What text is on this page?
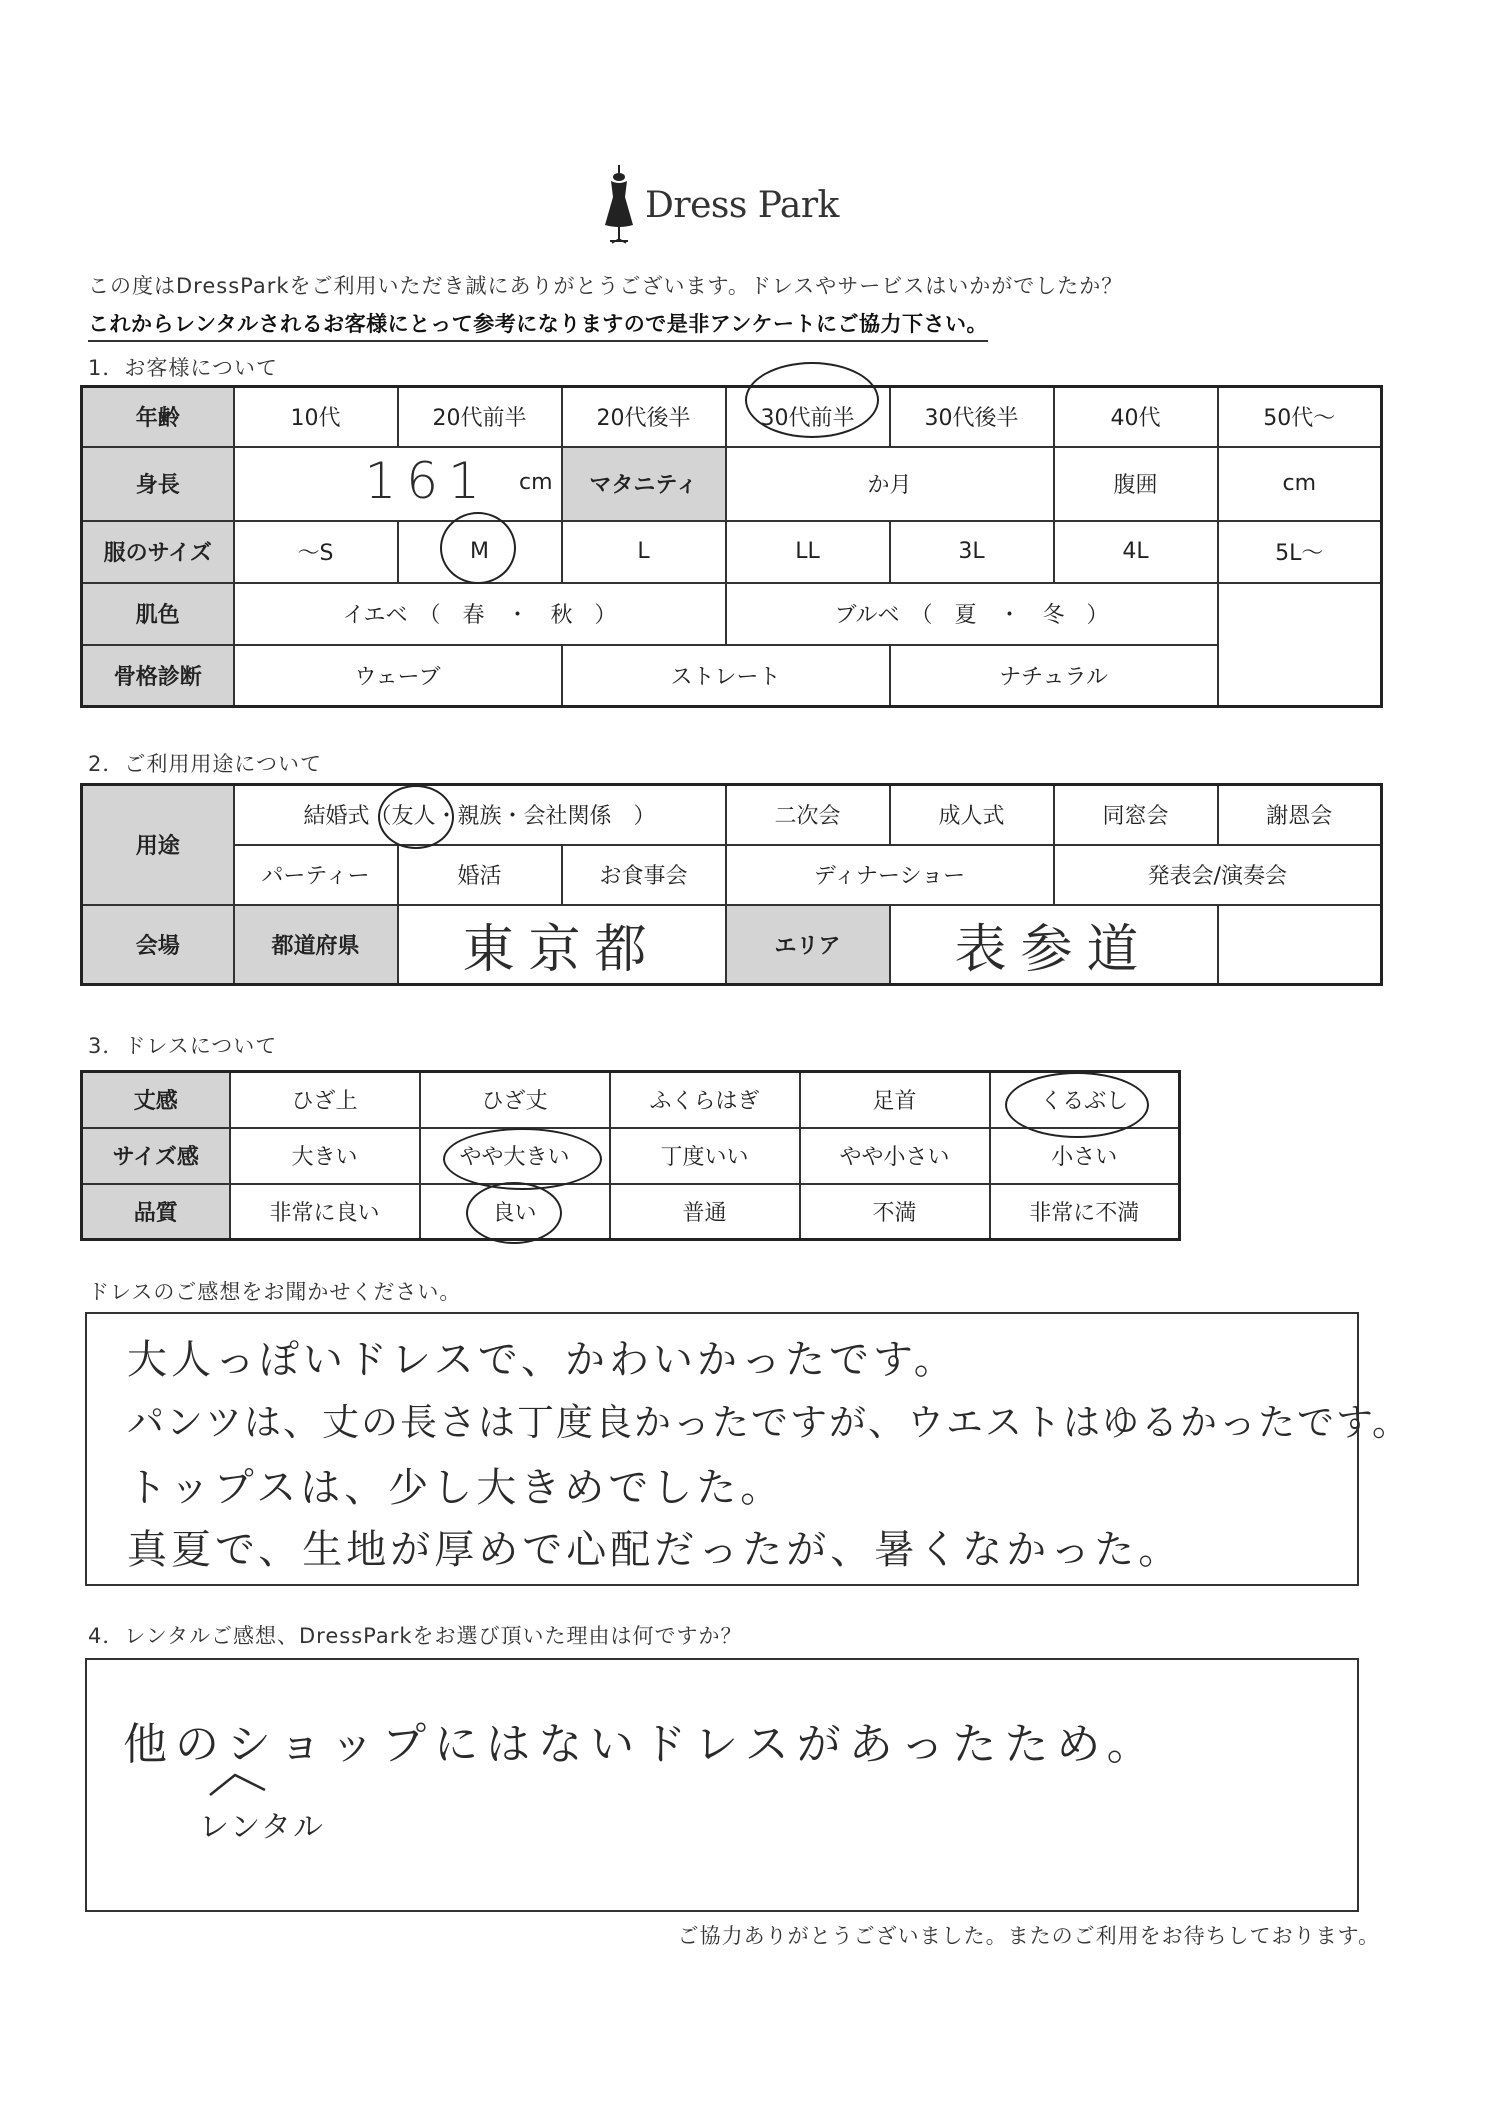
Dress Park
この度はDressParkをご利用いただき誠にありがとうございます。ドレスやサービスはいかがでしたか？
これからレンタルされるお客様にとって参考になりますので是非アンケートにご協力下さい。
1．お客様について
年齢	10代	20代前半	20代後半	30代前半	30代後半	40代	50代〜
身長	161 cm		マタニティ	か月		腹囲	cm
服のサイズ	〜S	M	L	LL	3L	4L	5L〜
肌色	イエベ　（　春　・　秋　）			ブルベ　（　夏　・　冬　）			
骨格診断	ウェーブ		ストレート		ナチュラル		
2．ご利用用途について
用途	結婚式（友人・親族・会社関係　）			二次会	成人式	同窓会	謝恩会
	パーティー	婚活	お食事会	ディナーショー		発表会/演奏会	
会場	都道府県	東京都		エリア	表参道		
3．ドレスについて
丈感	ひざ上	ひざ丈	ふくらはぎ	足首	くるぶし
サイズ感	大きい	やや大きい	丁度いい	やや小さい	小さい
品質	非常に良い	良い	普通	不満	非常に不満
ドレスのご感想をお聞かせください。
大人っぽいドレスで、かわいかったです。
パンツは、丈の長さは丁度良かったですが、ウエストはゆるかったです。
トップスは、少し大きめでした。
真夏で、生地が厚めで心配だったが、暑くなかった。
4．レンタルご感想、DressParkをお選び頂いた理由は何ですか？
他のショップにはないドレスがあったため。
レンタル
ご協力ありがとうございました。またのご利用をお待ちしております。
